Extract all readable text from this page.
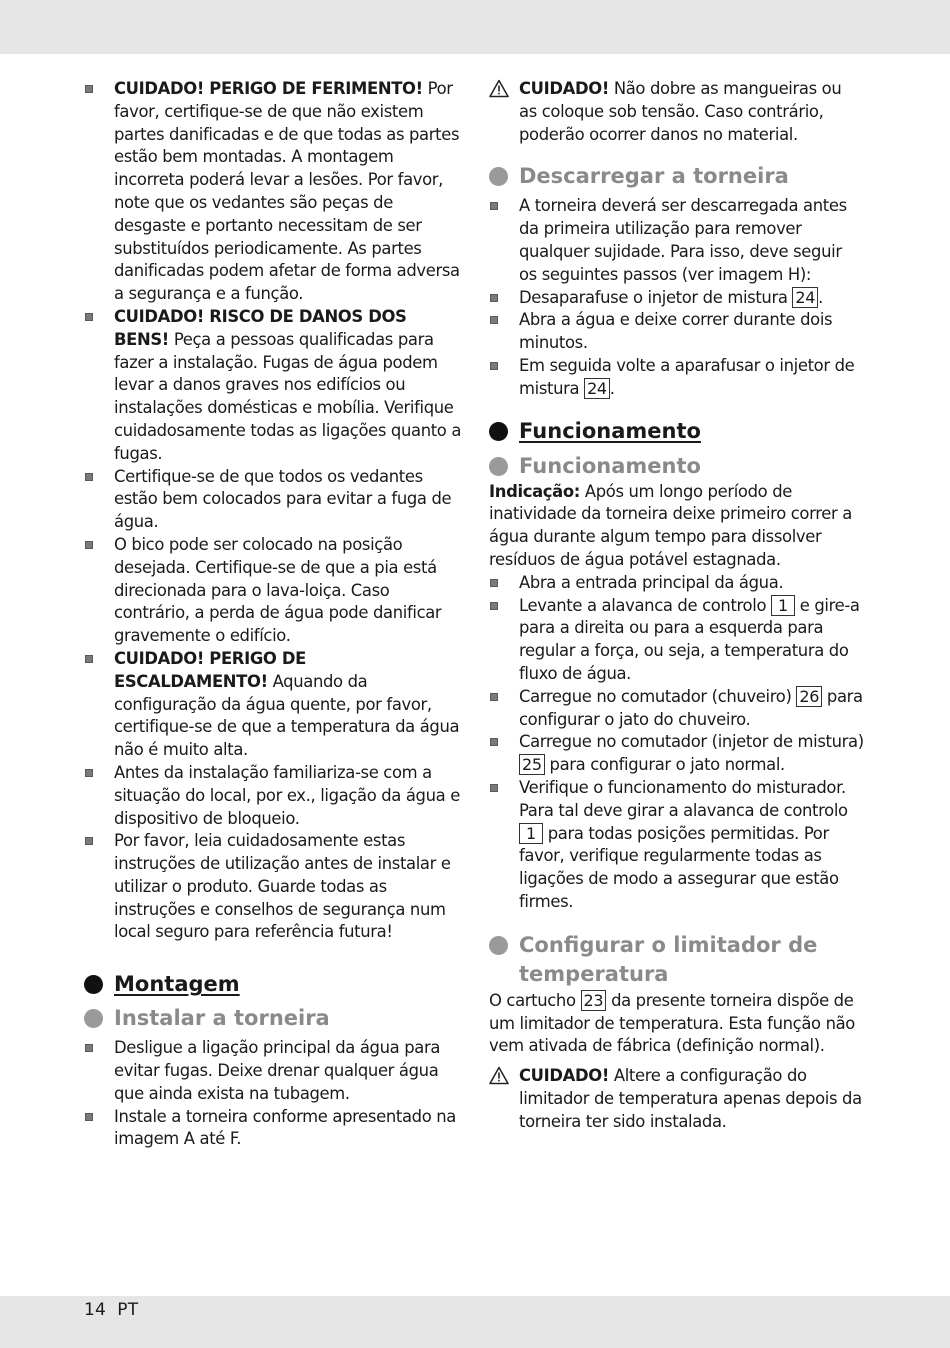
CUIDADO! PERIGO DE FERIMENTO! Por favor, certifique-se de que não existem partes danificadas e de que todas as partes estão bem montadas. A montagem incorreta poderá levar a lesões. Por favor, note que os vedantes são peças de desgaste e portanto necessitam de ser substituídos periodicamente. As partes danificadas podem afetar de forma adversa a segurança e a função.
CUIDADO! RISCO DE DANOS DOS BENS! Peça a pessoas qualificadas para fazer a instalação. Fugas de água podem levar a danos graves nos edifícios ou instalações domésticas e mobília. Verifique cuidadosamente todas as ligações quanto a fugas.
Certifique-se de que todos os vedantes estão bem colocados para evitar a fuga de água.
O bico pode ser colocado na posição desejada. Certifique-se de que a pia está direcionada para o lava-loiça. Caso contrário, a perda de água pode danificar gravemente o edifício.
CUIDADO! PERIGO DE ESCALDAMENTO! Aquando da configuração da água quente, por favor, certifique-se de que a temperatura da água não é muito alta.
Antes da instalação familiariza-se com a situação do local, por ex., ligação da água e dispositivo de bloqueio.
Por favor, leia cuidadosamente estas instruções de utilização antes de instalar e utilizar o produto. Guarde todas as instruções e conselhos de segurança num local seguro para referência futura!
Montagem
Instalar a torneira
Desligue a ligação principal da água para evitar fugas. Deixe drenar qualquer água que ainda exista na tubagem.
Instale a torneira conforme apresentado na imagem A até F.
CUIDADO! Não dobre as mangueiras ou as coloque sob tensão. Caso contrário, poderão ocorrer danos no material.
Descarregar a torneira
A torneira deverá ser descarregada antes da primeira utilização para remover qualquer sujidade. Para isso, deve seguir os seguintes passos (ver imagem H):
Desaparafuse o injetor de mistura 24 .
Abra a água e deixe correr durante dois minutos.
Em seguida volte a aparafusar o injetor de mistura 24 .
Funcionamento
Funcionamento
Indicação: Após um longo período de inatividade da torneira deixe primeiro correr a água durante algum tempo para dissolver resíduos de água potável estagnada.
Abra a entrada principal da água.
Levante a alavanca de controlo 1 e gire-a para a direita ou para a esquerda para regular a força, ou seja, a temperatura do fluxo de água.
Carregue no comutador (chuveiro) 26 para configurar o jato do chuveiro.
Carregue no comutador (injetor de mistura) 25 para configurar o jato normal.
Verifique o funcionamento do misturador. Para tal deve girar a alavanca de controlo 1 para todas posições permitidas. Por favor, verifique regularmente todas as ligações de modo a assegurar que estão firmes.
Configurar o limitador de temperatura
O cartucho 23 da presente torneira dispõe de um limitador de temperatura. Esta função não vem ativada de fábrica (definição normal).
CUIDADO! Altere a configuração do limitador de temperatura apenas depois da torneira ter sido instalada.
14 PT
